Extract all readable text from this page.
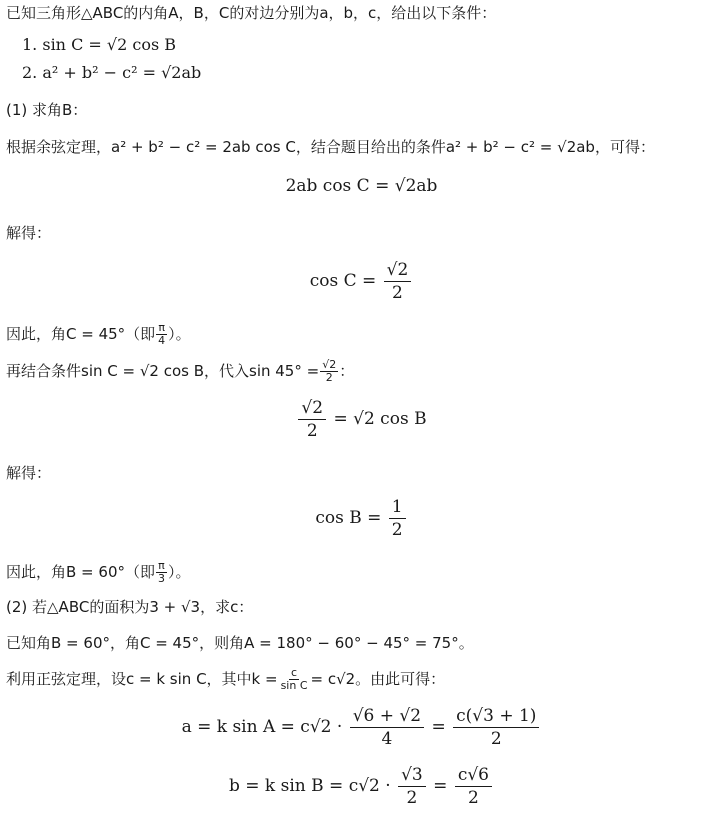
已知三角形△ABC的内角A，B，C的对边分别为a，b，c，给出以下条件：
1. sin C = √2 cos B
2. a² + b² − c² = √2ab
(1) 求角B：
根据余弦定理，a² + b² − c² = 2ab cos C，结合题目给出的条件a² + b² − c² = √2ab，可得：
2ab cos C = √2ab
解得：
$\cos C = \frac{√2}{2}$
因此，角C = 45°（即 $\frac{\pi}{4}$ ）。
再结合条件sin C = √2 cos B，代入$\sin 45^\circ = \frac{√2}{2}$ ：
$\frac{√2}{2} = √2$ cos B
解得：
$\cos B = \frac{1}{2}$
因此，角B = 60°（即 $\frac{\pi}{3}$ ）。
(2) 若△ABC的面积为3 + √3，求c：
已知角B = 60°，角C = 45°，则角A = 180° − 60° − 45° = 75°。
利用正弦定理，设c = k sin C，其中$k = \frac{c}{\text{sin C}} = c√2$。由此可得：
a = k $\sin A = c√2 \cdot \frac{√6 + √2}{4} = \frac{c(√3 + 1)}{2}$
b = k $\sin B = c√2 \cdot \frac{√3}{2} = \frac{c√6}{2}$
